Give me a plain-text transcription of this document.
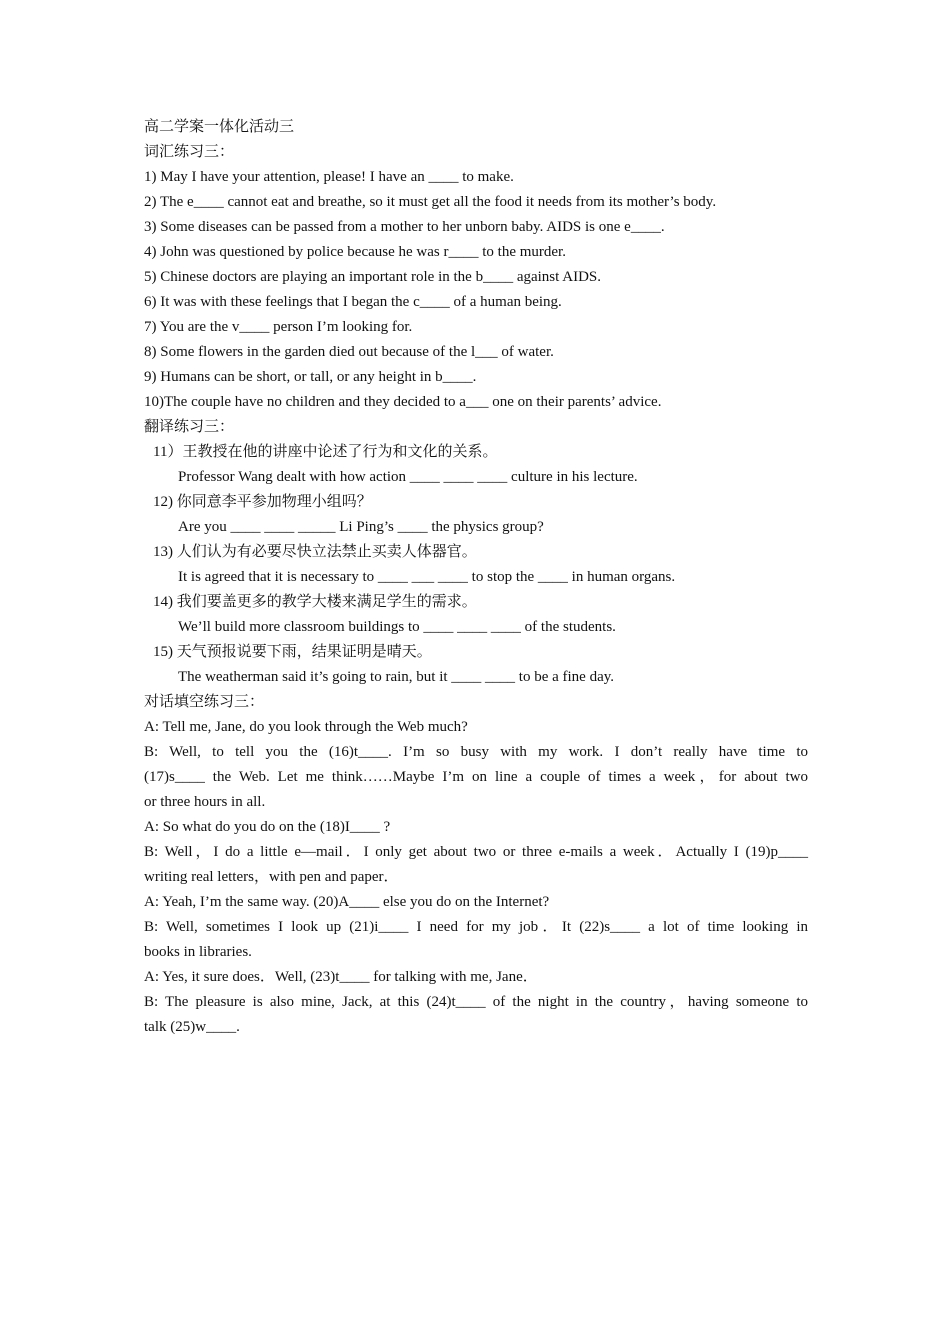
高二学案一体化活动三
词汇练习三：
1) May I have your attention, please! I have an ____ to make.
2) The e____ cannot eat and breathe, so it must get all the food it needs from its mother’s body.
3) Some diseases can be passed from a mother to her unborn baby. AIDS is one e____.
4) John was questioned by police because he was r____ to the murder.
5) Chinese doctors are playing an important role in the b____ against AIDS.
6) It was with these feelings that I began the c____ of a human being.
7) You are the v____ person I’m looking for.
8) Some flowers in the garden died out because of the l___ of water.
9) Humans can be short, or tall, or any height in b____.
10)The couple have no children and they decided to a___ one on their parents’ advice.
翻译练习三：
11）王教授在他的讲座中论述了行为和文化的关系。
Professor Wang dealt with how action ____ ____ ____ culture in his lecture.
12) 你同意李平参加物理小组吗？
Are you ____ ____ _____ Li Ping’s ____ the physics group?
13) 人们认为有必要尽快立法禁止买卖人体器官。
It is agreed that it is necessary to ____ ___ ____ to stop the ____ in human organs.
14) 我们要盖更多的教学大楼来满足学生的需求。
We’ll build more classroom buildings to ____ ____ ____ of the students.
15) 天气预报说要下雨，结果证明是晴天。
The weatherman said it’s going to rain, but it ____ ____ to be a fine day.
对话填空练习三：
A: Tell me, Jane, do you look through the Web much?
B: Well, to tell you the (16)t____. I’m so busy with my work. I don’t really have time to
(17)s____ the Web. Let me think……Maybe I’m on line a couple of times a week，for about two
or three hours in all.
A: So what do you do on the (18)I____ ?
B: Well，I do a little e—mail．I only get about two or three e-mails a week．Actually I (19)p____
writing real letters，with pen and paper．
A: Yeah, I’m the same way. (20)A____ else you do on the Internet?
B: Well, sometimes I look up (21)i____ I need for my job．It (22)s____ a lot of time looking in
books in libraries.
A: Yes, it sure does．Well, (23)t____ for talking with me, Jane．
B: The pleasure is also mine, Jack, at this (24)t____ of the night in the country，having someone to
talk (25)w____.
